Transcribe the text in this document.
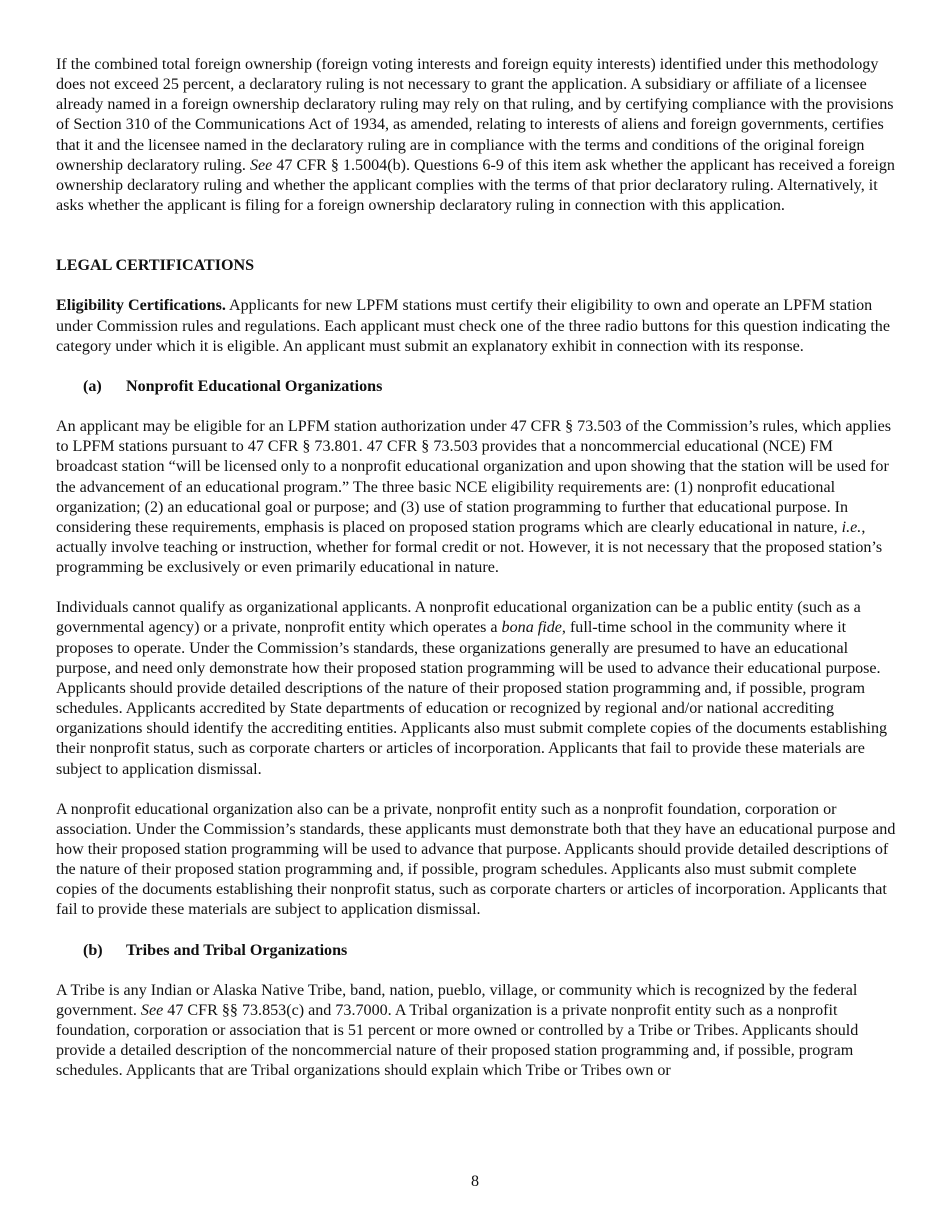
If the combined total foreign ownership (foreign voting interests and foreign equity interests) identified under this methodology does not exceed 25 percent, a declaratory ruling is not necessary to grant the application. A subsidiary or affiliate of a licensee already named in a foreign ownership declaratory ruling may rely on that ruling, and by certifying compliance with the provisions of Section 310 of the Communications Act of 1934, as amended, relating to interests of aliens and foreign governments, certifies that it and the licensee named in the declaratory ruling are in compliance with the terms and conditions of the original foreign ownership declaratory ruling. See 47 CFR § 1.5004(b). Questions 6-9 of this item ask whether the applicant has received a foreign ownership declaratory ruling and whether the applicant complies with the terms of that prior declaratory ruling. Alternatively, it asks whether the applicant is filing for a foreign ownership declaratory ruling in connection with this application.

LEGAL CERTIFICATIONS

Eligibility Certifications. Applicants for new LPFM stations must certify their eligibility to own and operate an LPFM station under Commission rules and regulations. Each applicant must check one of the three radio buttons for this question indicating the category under which it is eligible. An applicant must submit an explanatory exhibit in connection with its response.

(a) Nonprofit Educational Organizations

An applicant may be eligible for an LPFM station authorization under 47 CFR § 73.503 of the Commission’s rules, which applies to LPFM stations pursuant to 47 CFR § 73.801. 47 CFR § 73.503 provides that a noncommercial educational (NCE) FM broadcast station “will be licensed only to a nonprofit educational organization and upon showing that the station will be used for the advancement of an educational program.” The three basic NCE eligibility requirements are: (1) nonprofit educational organization; (2) an educational goal or purpose; and (3) use of station programming to further that educational purpose. In considering these requirements, emphasis is placed on proposed station programs which are clearly educational in nature, i.e., actually involve teaching or instruction, whether for formal credit or not. However, it is not necessary that the proposed station’s programming be exclusively or even primarily educational in nature.

Individuals cannot qualify as organizational applicants. A nonprofit educational organization can be a public entity (such as a governmental agency) or a private, nonprofit entity which operates a bona fide, full-time school in the community where it proposes to operate. Under the Commission’s standards, these organizations generally are presumed to have an educational purpose, and need only demonstrate how their proposed station programming will be used to advance their educational purpose. Applicants should provide detailed descriptions of the nature of their proposed station programming and, if possible, program schedules. Applicants accredited by State departments of education or recognized by regional and/or national accrediting organizations should identify the accrediting entities. Applicants also must submit complete copies of the documents establishing their nonprofit status, such as corporate charters or articles of incorporation. Applicants that fail to provide these materials are subject to application dismissal.

A nonprofit educational organization also can be a private, nonprofit entity such as a nonprofit foundation, corporation or association. Under the Commission’s standards, these applicants must demonstrate both that they have an educational purpose and how their proposed station programming will be used to advance that purpose. Applicants should provide detailed descriptions of the nature of their proposed station programming and, if possible, program schedules. Applicants also must submit complete copies of the documents establishing their nonprofit status, such as corporate charters or articles of incorporation. Applicants that fail to provide these materials are subject to application dismissal.

(b) Tribes and Tribal Organizations

A Tribe is any Indian or Alaska Native Tribe, band, nation, pueblo, village, or community which is recognized by the federal government. See 47 CFR §§ 73.853(c) and 73.7000. A Tribal organization is a private nonprofit entity such as a nonprofit foundation, corporation or association that is 51 percent or more owned or controlled by a Tribe or Tribes. Applicants should provide a detailed description of the noncommercial nature of their proposed station programming and, if possible, program schedules. Applicants that are Tribal organizations should explain which Tribe or Tribes own or

8
